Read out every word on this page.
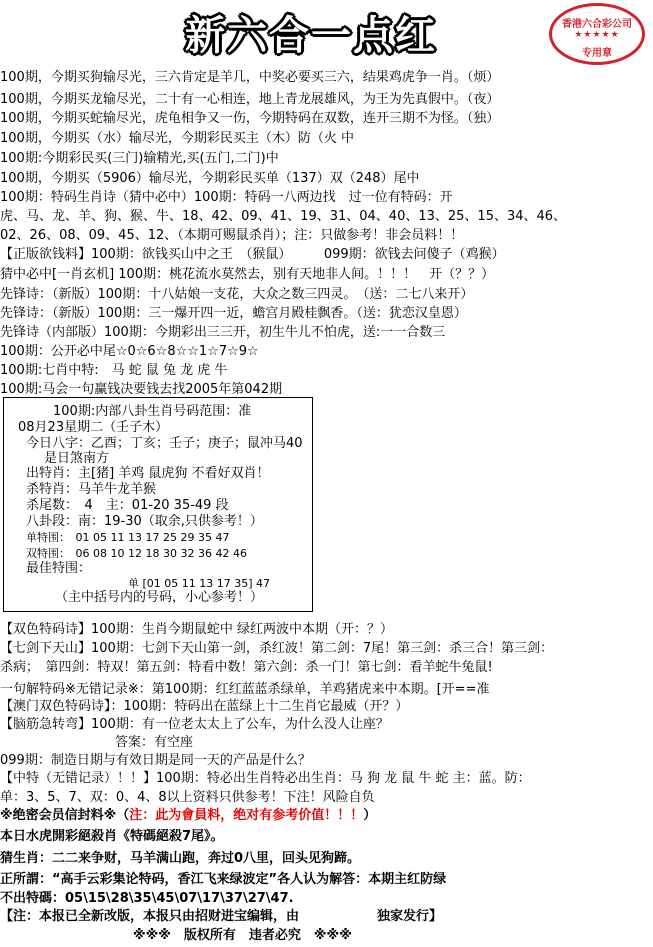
新六合一点红	香港六合彩公司
★★★★★
专用章
100期，今期买狗输尽光，三六肯定是羊几，中奖必要买三六，结果鸡虎争一肖。（烦）
100期，今期买龙输尽光，二十有一心相连，地上青龙展雄风，为王为先真假中。（夜）
100期，今期买蛇输尽光，虎龟相争又一伤，今期特码在双数，连开三期不为怪。（独）
100期，今期买（水）输尽光，今期彩民买主（木）防（火 中
100期:今期彩民买(三门)输精光,买(五门,二门)中
100期，今期买（5906）输尽光，今期彩民买单（137）双（248）尾中
100期：特码生肖诗（猜中必中）100期：特码一八两边找　过一位有特码：开
虎、马、龙、羊、狗、猴、牛、18、42、09、41、19、31、04、40、13、25、15、34、46、
02、26、08、09、45、12、（本期可赐鼠杀肖）；注：只做参考！非会员料！！
【正版欲钱料】100期：欲钱买山中之王　（猴鼠）　　　099期：欲钱去问傻子（鸡猴）
猜中必中[一肖玄机] 100期：桃花流水莫然去，别有天地非人间。！！！　开（？？）
先锋诗：（新版）100期：十八姑娘一支花，大众之数三四灵。　（送：二七八来开）
先锋诗：（新版）100期：三一爆开四一近，蟾宫月殿桂飘香。（送：犹恋汉皇恩）
先锋诗（内部版）100期：今期彩出三三开，初生牛儿不怕虎，送:一一合数三
100期：公开必中尾☆0☆6☆8☆☆1☆7☆9☆
100期:七肖中特:　马 蛇 鼠 兔 龙 虎 牛
100期:马会一句赢钱决要钱去找2005年第042期
100期:内部八卦生肖号码范围：准
08月23星期二（壬子木）
今日八字：乙酉；丁亥；壬子；庚子；鼠冲马40
是日煞南方
出特肖：主[猪] 羊鸡 鼠虎狗 不看好双肖！
杀特肖：马羊牛龙羊猴
杀尾数：　4　主：01-20 35-49 段
八卦段：南：19-30（取余,只供参考！）
单特围：　01 05 11 13 17 25 29 35 47
双特围：　06 08 10 12 18 30 32 36 42 46
最佳特围：
单 [01 05 11 13 17 35] 47
（主中括号内的号码，小心参考！）
【双色特码诗】100期：生肖今期鼠蛇中 绿红两波中本期（开：？）
【七剑下天山】100期：七剑下天山第一剑，杀红波！第二剑：7尾！第三剑：杀三合！第三剑：
杀病；　第四剑：特双！第五剑：特看中数！第六剑：杀一门！第七剑：看羊蛇牛兔鼠!
一句解特码※无错记录※：第100期：红红蓝蓝杀绿单，羊鸡猪虎来中本期。[开==准
【澳门双色特码诗】：100期：特码出在蓝绿上十二生肖它最威（开？）
【脑筋急转弯】100期：有一位老太太上了公车，为什么没人让座？
答案：有空座
099期：制造日期与有效日期是同一天的产品是什么？
【中特（无错记录）！！】100期：特必出生肖特必出生肖：马 狗 龙 鼠 牛 蛇 主：蓝。防：
单：3、5、7、双：0、4、8以上资料只供参考！下注！风险自负
※绝密会员信封料※（注：此为會員料，绝对有参考价值！！！）
本日水虎開彩絕殺肖《特碼絕殺7尾》。
猜生肖：二二来争财，马羊满山跑，奔过0八里，回头见狗蹄。
正所謂：“高手云彩集论特码，香江飞来绿波定”各人认为解答：本期主红防绿
不出特碼：05\15\28\35\45\07\17\37\27\47.
【注：本报已全新改版，本报只由招财进宝编辑，由　　　　　　独家发行】
※※※　版权所有　违者必究　※※※
